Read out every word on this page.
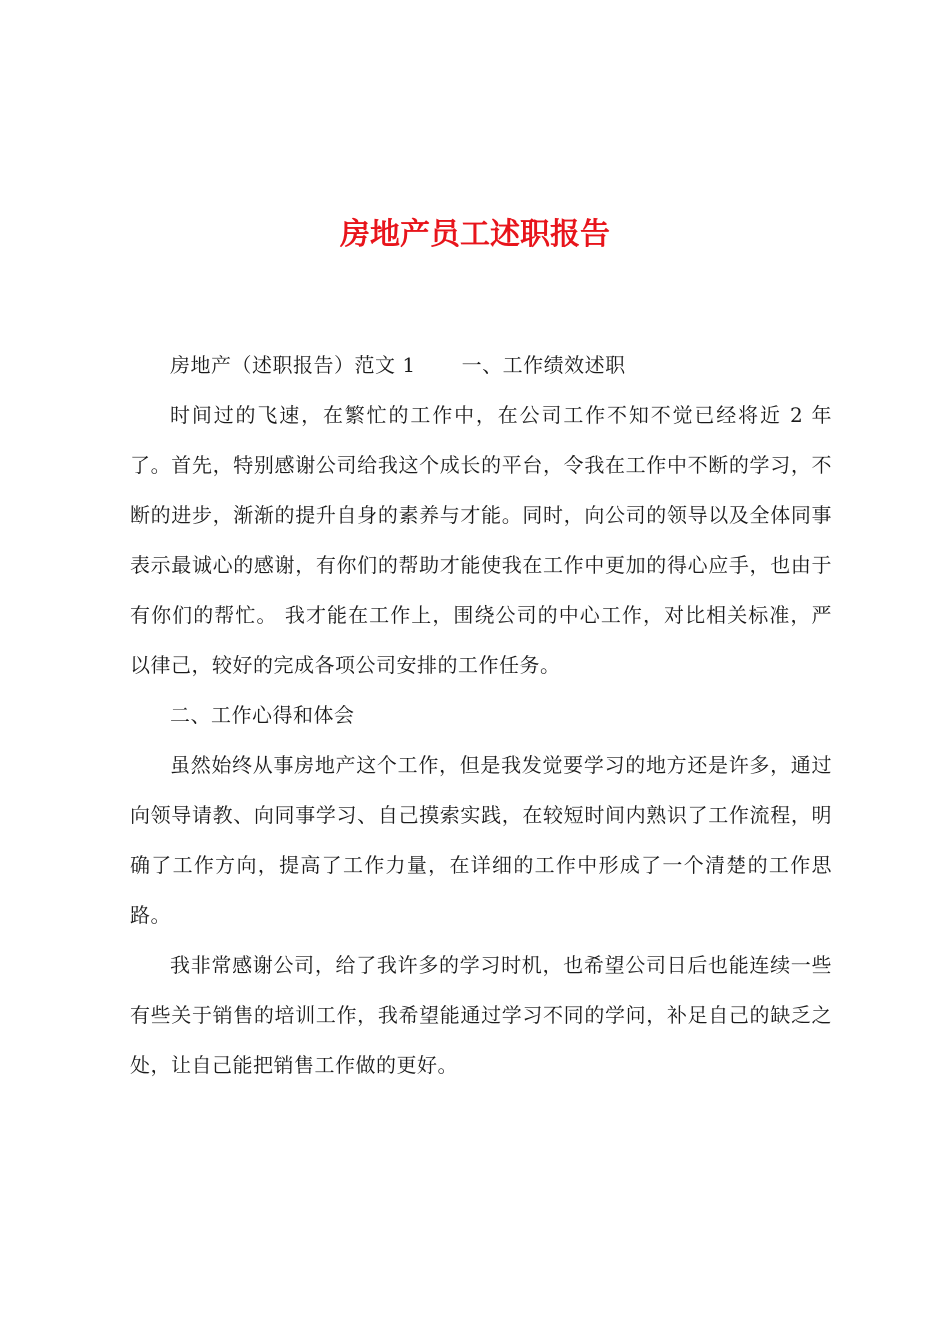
房地产员工述职报告

房地产（述职报告）范文 1 一、工作绩效述职

时间过的飞速，在繁忙的工作中，在公司工作不知不觉已经将近 2 年了。首先，特别感谢公司给我这个成长的平台，令我在工作中不断的学习，不断的进步，渐渐的提升自身的素养与才能。同时，向公司的领导以及全体同事表示最诚心的感谢，有你们的帮助才能使我在工作中更加的得心应手，也由于有你们的帮忙。 我才能在工作上，围绕公司的中心工作，对比相关标准，严以律己，较好的完成各项公司安排的工作任务。

二、工作心得和体会

虽然始终从事房地产这个工作，但是我发觉要学习的地方还是许多，通过向领导请教、向同事学习、自己摸索实践，在较短时间内熟识了工作流程，明确了工作方向，提高了工作力量，在详细的工作中形成了一个清楚的工作思路。

我非常感谢公司，给了我许多的学习时机，也希望公司日后也能连续一些有些关于销售的培训工作，我希望能通过学习不同的学问，补足自己的缺乏之处，让自己能把销售工作做的更好。
